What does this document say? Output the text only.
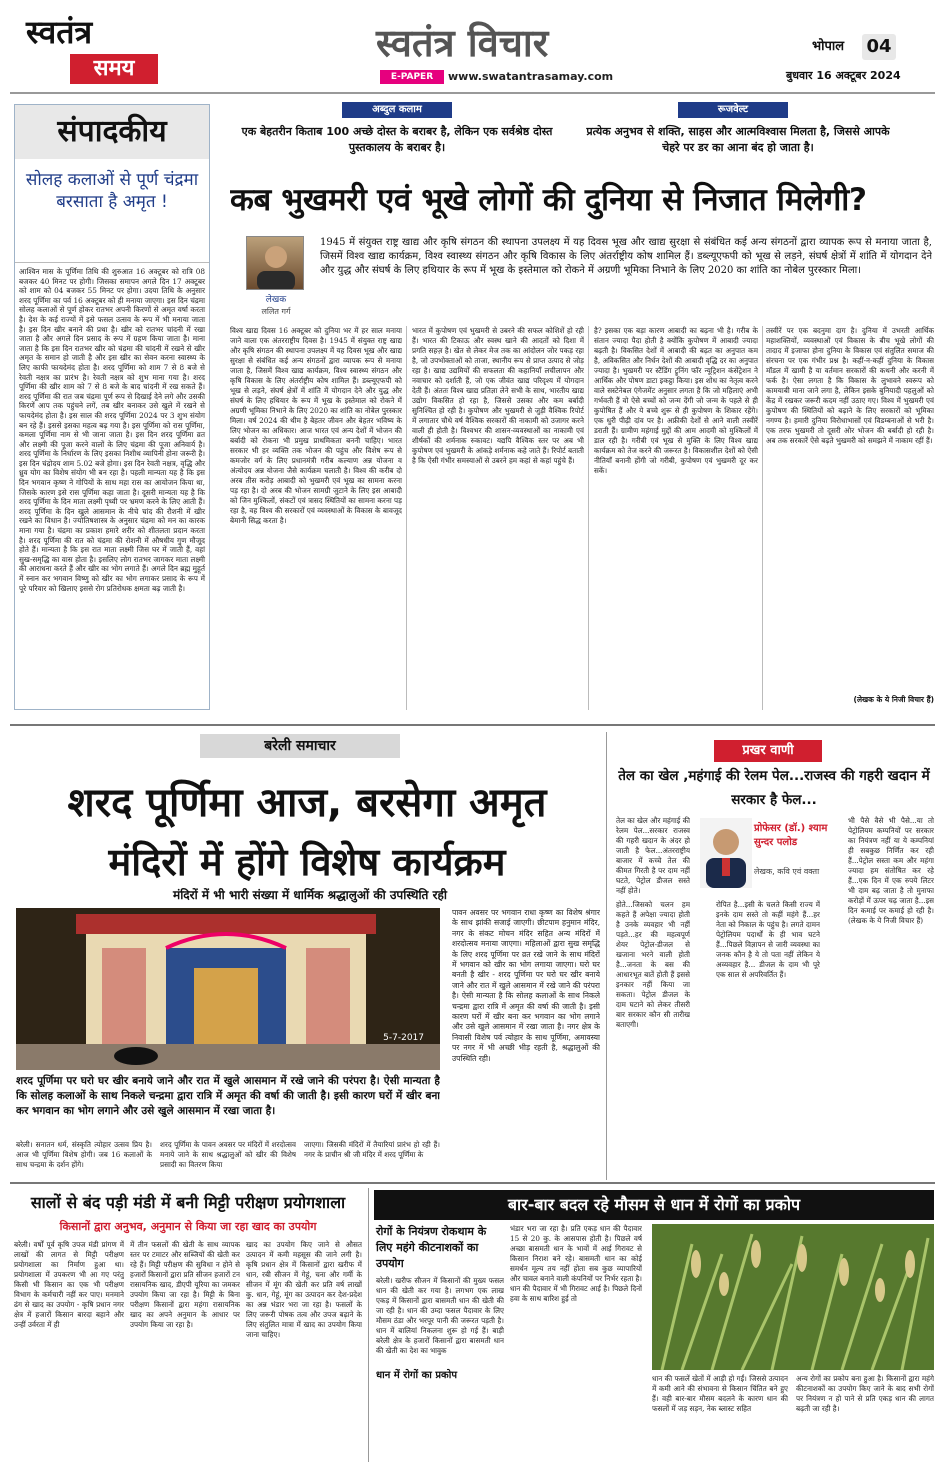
स्वतंत्र
समय
स्वतंत्र विचार
E-PAPER	www.swatantrasamay.com
भोपाल 04
बुधवार 16 अक्टूबर 2024
संपादकीय
सोलह कलाओं से पूर्ण चंद्रमा बरसाता है अमृत !
आश्विन मास के पूर्णिमा तिथि की शुरुआत 16 अक्टूबर को रात्रि 08 बजकर 40 मिनट पर होगी। जिसका समापन अगले दिन 17 अक्टूबर को शाम को 04 बजकर 55 मिनट पर होगा। उदया तिथि के अनुसार शरद पूर्णिमा का पर्व 16 अक्टूबर को ही मनाया जाएगा। इस दिन चंद्रमा सोलह कलाओं से पूर्ण होकर रातभर अपनी किरणों से अमृत वर्षा करता है। देश के कई राज्यों में इसे फसल उत्सव के रूप में भी मनाया जाता है। इस दिन खीर बनाने की प्रथा है। खीर को रातभर चांदनी में रखा जाता है और अगले दिन प्रसाद के रूप में ग्रहण किया जाता है। माना जाता है कि इस दिन रातभर खीर को चंद्रमा की चांदनी में रखने से खीर अमृत के समान हो जाती है और इस खीर का सेवन करना स्वास्थ्य के लिए काफी फायदेमंद होता है। शरद पूर्णिमा को शाम 7 से 8 बजे से रेवती नक्षत्र का प्रारंभ है। रेवती नक्षत्र को शुभ माना गया है। शरद पूर्णिमा की खीर शाम को 7 से 8 बजे के बाद चांदनी में रख सकते हैं। शरद पूर्णिमा की रात जब चंद्रमा पूर्ण रूप से दिखाई देने लगे और उसकी किरणें आप तक पहुंचने लगें, तब खीर बनाकर उसे खुले में रखने से फायदेमंद होता है। इस साल की शरद पूर्णिमा 2024 पर 3 शुभ संयोग बन रहे हैं। इससे इसका महत्व बढ़ गया है। इस पूर्णिमा को रास पूर्णिमा, कमला पूर्णिमा नाम से भी जाना जाता है। इस दिन शरद पूर्णिमा व्रत और लक्ष्मी की पूजा करने वालों के लिए चंद्रमा की पूजा अनिवार्य है। शरद पूर्णिमा के निर्धारण के लिए इसका निशीथ व्यापिनी होना जरूरी है। इस दिन चंद्रोदय शाम 5.02 बजे होगा। इस दिन रेवती नक्षत्र, वृद्धि और ध्रुव योग का विशेष संयोग भी बन रहा है। पहली मान्यता यह है कि इस दिन भगवान कृष्ण ने गोपियों के साथ महा रास का आयोजन किया था, जिसके कारण इसे रास पूर्णिमा कहा जाता है। दूसरी मान्यता यह है कि शरद पूर्णिमा के दिन माता लक्ष्मी पृथ्वी पर भ्रमण करने के लिए आती हैं। शरद पूर्णिमा के दिन खुले आसमान के नीचे चांद की रौशनी में खीर रखने का विधान है। ज्योतिषशास्त्र के अनुसार चंद्रमा को मन का कारक माना गया है। चंद्रमा का प्रकाश हमारे शरीर को शीतलता प्रदान करता है। शरद पूर्णिमा की रात को चंद्रमा की रोशनी में औषधीय गुण मौजूद होते हैं। मान्यता है कि इस रात माता लक्ष्मी जिस घर में जाती हैं, वहां सुख-समृद्धि का वास होता है। इसलिए लोग रातभर जागकर माता लक्ष्मी की आराधना करते हैं और खीर का भोग लगाते हैं। अगले दिन ब्रह्म मुहूर्त में स्नान कर भगवान विष्णु को खीर का भोग लगाकर प्रसाद के रूप में पूरे परिवार को खिलाए इससे रोग प्रतिरोधक क्षमता बढ़ जाती है।
अब्दुल कलाम
एक बेहतरीन किताब 100 अच्छे दोस्त के बराबर है, लेकिन एक सर्वश्रेष्ठ दोस्त पुस्तकालय के बराबर है।
रूजवेल्ट
प्रत्येक अनुभव से शक्ति, साहस और आत्मविश्वास मिलता है, जिससे आपके चेहरे पर डर का आना बंद हो जाता है।
कब भुखमरी एवं भूखे लोगों की दुनिया से निजात मिलेगी?
लेखक
ललित गर्ग
1945 में संयुक्त राष्ट्र खाद्य और कृषि संगठन की स्थापना उपलक्ष्य में यह दिवस भूख और खाद्य सुरक्षा से संबंधित कई अन्य संगठनों द्वारा व्यापक रूप से मनाया जाता है, जिसमें विश्व खाद्य कार्यक्रम, विश्व स्वास्थ्य संगठन और कृषि विकास के लिए अंतर्राष्ट्रीय कोष शामिल हैं। डब्ल्यूएफपी को भूख से लड़ने, संघर्ष क्षेत्रों में शांति में योगदान देने और युद्ध और संघर्ष के लिए हथियार के रूप में भूख के इस्तेमाल को रोकने में अग्रणी भूमिका निभाने के लिए 2020 का शांति का नोबेल पुरस्कार मिला।
विश्व खाद्य दिवस 16 अक्टूबर को दुनिया भर में हर साल मनाया जाने वाला एक अंतरराष्ट्रीय दिवस है। 1945 में संयुक्त राष्ट्र खाद्य और कृषि संगठन की स्थापना उपलक्ष्य में यह दिवस भूख और खाद्य सुरक्षा से संबंधित कई अन्य संगठनों द्वारा व्यापक रूप से मनाया जाता है, जिसमें विश्व खाद्य कार्यक्रम, विश्व स्वास्थ्य संगठन और कृषि विकास के लिए अंतर्राष्ट्रीय कोष शामिल हैं। डब्ल्यूएफपी को भूख से लड़ने, संघर्ष क्षेत्रों में शांति में योगदान देने और युद्ध और संघर्ष के लिए हथियार के रूप में भूख के इस्तेमाल को रोकने में अग्रणी भूमिका निभाने के लिए 2020 का शांति का नोबेल पुरस्कार मिला। वर्ष 2024 की थीम है बेहतर जीवन और बेहतर भविष्य के लिए भोजन का अधिकार। आज भारत एवं अन्य देशों में भोजन की बर्बादी को रोकना भी प्रमुख प्राथमिकता बननी चाहिए। भारत सरकार भी हर व्यक्ति तक भोजन की पहुंच और विशेष रूप से कमजोर वर्ग के लिए प्रधानमंत्री गरीब कल्याण अन्न योजना व अंत्योदय अन्न योजना जैसे कार्यक्रम चलाती है। विश्व की करीब दो अरब तीस करोड़ आबादी को भुखमरी एवं भूख का सामना करना पड़ रहा है। दो अरब की भोजन सामग्री जुटाने के लिए इस आबादी को जिन मुश्किलों, संकटों एवं त्रासद स्थितियों का सामना करना पड़ रहा है, वह विश्व की सरकारों एवं व्यवस्थाओं के विकास के बावजूद बेमानी सिद्ध करता है।
भारत में कुपोषण एवं भुखमरी से उबरने की सफल कोशिशें हो रही हैं। भारत की टिकाऊ और स्वस्थ खाने की आदतों को दिशा में प्रगति सहज़ है। खेत से लेकर मेज तक का आंदोलन जोर पकड़ रहा है, जो उपभोक्ताओं को ताजा, स्थानीय रूप से प्राप्त उत्पाद से जोड़ रहा है। खाद्य उद्यमियों की सफलता की कहानियाँ लचीलापन और नवाचार को दर्शाती हैं, जो एक जीवंत खाद्य परिदृश्य में योगदान देती हैं। अंततः विश्व खाद्य प्रतिज्ञा लेने सभी के साथ, भारतीय खाद्य उद्योग विकसित हो रहा है, जिससे उसका और कम बर्बादी सुनिश्चित हो रही है। कुपोषण और भुखमरी से जुड़ी वैश्विक रिपोर्ट में लगातार चौथे वर्ष वैश्विक सरकारों की नाकामी को उजागर करने वाली ही होती है। विश्वभर की शासन-व्यवस्थाओं का नाकामी एवं शीर्षकों की शर्मनाक रुकावट। यद्यपि वैश्विक स्तर पर अब भी कुपोषण एवं भुखमरी के आंकड़े शर्मनाक कहे जाते हैं। रिपोर्ट बताती है कि ऐसी गंभीर समस्याओं से उबरने हम कहां से कहां पहुंचे हैं।
है? इसका एक बड़ा कारण आबादी का बढ़ना भी है। गरीब के संतान ज्यादा पैदा होती है क्योंकि कुपोषण में आबादी ज्यादा बढ़ती है। विकसित देशों में आबादी की बढ़त का अनुपात कम है, अविकसित और निर्धन देशों की आबादी वृद्धि दर का अनुपात ज्यादा है। भुखमरी पर स्टैंडिंग ट्रूनिंग फॉर न्यूट्रिशन कंसेंट्रेशन ने आर्थिक और पोषण डाटा इकट्ठा किया। इस शोध का नेतृत्व करने वाले सस्टेनेबल एंगेजमेंट अनुसार लगता है कि जो महिलाएं अभी गर्भवती हैं वो ऐसे बच्चों को जन्म देंगी जो जन्म के पहले से ही कुपोषित हैं और ये बच्चे शुरू से ही कुपोषण के शिकार रहेंगे। एक धुरी पीढ़ी दांव पर है। अफ्रीकी देशों से आने वाली तस्वीरें डराती हैं। ग्रामीण महंगाई मुद्दों की आम आदमी को मुश्किलों में डाल रही है। गरीबी एवं भूख से मुक्ति के लिए विश्व खाद्य कार्यक्रम को तेज करने की जरूरत है। विकासशील देशों को ऐसी नीतियाँ बनानी होंगी जो गरीबी, कुपोषण एवं भुखमरी दूर कर सकें।
तस्वीरें पर एक बदनुमा दाग है। दुनिया में उभरती आर्थिक महाशक्तियों, व्यवस्थाओं एवं विकास के बीच भूखे लोगों की तादाद में इजाफा होना दुनिया के विकास एवं संतुलित समाज की संरचना पर एक गंभीर प्रश्न है। कहीं-न-कहीं दुनिया के विकास मॉडल में खामी है या वर्तमान सरकारों की कथनी और करनी में फर्क है। ऐसा लगता है कि विकास के लुभावने स्वरूप को कामयाबी माना जाने लगा है, लेकिन इसके बुनियादी पहलुओं को केंद्र में रखकर जरूरी कदम नहीं उठाए गए। विश्व में भुखमरी एवं कुपोषण की स्थितियों को बढ़ाने के लिए सरकारों को भूमिका नगण्य है। हमारी दुनिया विरोधाभासों एवं विडम्बनाओं से भरी है। एक तरफ भुखमरी तो दूसरी ओर भोजन की बर्बादी हो रही है। अब तक सरकारें ऐसे बढ़ते भुखमरी को समझने में नाकाम रहीं हैं।
(लेखक के ये निजी विचार हैं)
बरेली समाचार
शरद पूर्णिमा आज, बरसेगा अमृत
मंदिरों में होंगे विशेष कार्यक्रम
मंदिरों में भी भारी संख्या में धार्मिक श्रद्धालुओं की उपस्थिति रही
5-7-2017
शरद पूर्णिमा पर घरो घर खीर बनाये जाने और रात में खुले आसमान में रखे जाने की परंपरा है। ऐसी मान्यता है कि सोलह कलाओं के साथ निकले चन्द्रमा द्वारा रात्रि में अमृत की वर्षा की जाती है। इसी कारण घरों में खीर बना कर भगवान का भोग लगाने और उसे खुले आसमान में रखा जाता है।
पावन अवसर पर भगवान राधा कृष्ण का विशेष श्रंगार के साथ झांकी सजाई जाएगी। छीटपाम हनुमान मंदिर, नगर के संकट मोचन मंदिर सहित अन्य मंदिरों में शरदोत्सव मनाया जाएगा। महिलाओं द्वारा सुख समृद्धि के लिए शरद पूर्णिमा पर व्रत रखे जाने के साथ मंदिरों में भगवान को खीर का भोग लगाया जाएगा। घरो घर बनती है खीर - शरद पूर्णिमा पर घरो घर खीर बनाये जाने और रात में खुले आसमान में रखे जाने की परंपरा है। ऐसी मान्यता है कि सोलह कलाओं के साथ निकले चन्द्रमा द्वारा रात्रि में अमृत की वर्षा की जाती है। इसी कारण घरों में खीर बना कर भगवान का भोग लगाने और उसे खुले आसमान में रखा जाता है। नगर क्षेत्र के निवासी विशेष पर्व त्योहार के साथ पूर्णिमा, अमावस्या पर नगर में भी अच्छी भीड़ रहती है, श्रद्धालुओं की उपस्थिति रही।
बरेली। सनातन धर्म, संस्कृति त्योहार उत्सव प्रिय है। आज भी पूर्णिमा विशेष होगी। जब 16 कलाओं के साथ चन्द्रमा के दर्शन होंगे।
शरद पूर्णिमा के पावन अवसर पर मंदिरों में शरदोत्सव मनाये जाने के साथ श्रद्धालुओं को खीर की विशेष प्रसादी का वितरण किया
जाएगा। जिसकी मंदिरों में तैयारियां प्रारंभ हो रही हैं। नगर के प्राचीन श्री जी मंदिर में शरद पूर्णिमा के
प्रखर वाणी
तेल का खेल ,महंगाई की रेलम पेल...राजस्व की गहरी खदान में सरकार है फेल...
तेल का खेल और महंगाई की रेलम पेल...सरकार राजस्व की गहरी खदान के अंदर हो जाती है फेल...अंतरराष्ट्रीय बाजार में कच्चे तेल की कीमत गिरती है पर दाम नहीं घटते, पेट्रोल डीजल सस्ते नहीं होते।
प्रोफेसर (डॉ.) श्याम सुन्दर पलोड
लेखक, कवि एवं वक्ता
होते...जिसको चलन हम कहते हैं अपेक्षा ज्यादा होती है उनके व्यवहार भी नहीं पड़ते...हर की महत्वपूर्ण शेयर पेट्रोल-डीजल से खजाना भरने वाली होती है...जनता के बस की आधारभूत बातें होती हैं इससे इनकार नहीं किया जा सकता। पेट्रोल डीजल के दाम घटाने को लेकर तीसरी बार सरकार कौन सी तारीख बताएगी।
रोपित है...इसी के चलते किसी राज्य में इनके दाम सस्ते तो कहीं महंगे हैं...हर नेता को निकाल के पहुंच है। लगते दामन पेट्रोलियम पदार्थों के ही भाव घटने हैं...पिछले विज्ञापन से जारी व्यवस्था का जनक कौन है ये तो पता नहीं लेकिन ये अव्यवहार है... डीजल के दाम भी पूरे एक साल से अपरिवर्तित हैं।
भी पैसे वैसे भी पैसे...या तो पेट्रोलियम कम्पनियों पर सरकार का नियंत्रण नहीं या ये कम्पनियां ही सबकुछ निर्णित कर रही हैं...पेट्रोल सस्ता कम और महंगा ज्यादा हम संतोषित कर रहे हैं...एक दिन में एक रुपये लिटर भी दाम बढ़ जाता है तो मुनाफा करोड़ों में ऊपर चढ़ जाता है...इस दिन कमाई पर कमाई हो रही है। (लेखक के ये निजी विचार हैं)
सालों से बंद पड़ी मंडी में बनी मिट्टी परीक्षण प्रयोगशाला
किसानों द्वारा अनुभव, अनुमान से किया जा रहा खाद का उपयोग
बरेली। वर्षों पूर्व कृषि उपज मंडी प्रांगण में लाखों की लागत से मिट्टी परीक्षण प्रयोगशाला का निर्माण हुआ था। प्रयोगशाला में उपकरण भी आ गए परंतु किसी भी किसान का एक भी परीक्षण विभाग के कर्मचारी नहीं कर पाए। मनमाने ढंग से खाद का उपयोग - कृषि प्रधान नगर क्षेत्र में हजारों किसान बारदा बहाने और उन्हीं उर्वरता में ही
में तीन फसलों की खेती के साथ व्यापक स्तर पर टमाटर और सब्जियों की खेती कर रहे हैं। मिट्टी परीक्षण की सुविधा न होने से हजारों किसानों द्वारा प्रति सीजन हजारों टन रासायनिक खाद, डीएपी यूरिया का जमकर उपयोग किया जा रहा है। मिट्टी के बिना परीक्षण किसानों द्वारा महंगा रासायनिक खाद का अपने अनुमान के आधार पर उपयोग किया जा रहा है।
खाद का उपयोग किए जाने से औसत उत्पादन में कमी महसूस की जाने लगी है। कृषि प्रधान क्षेत्र में किसानों द्वारा खरीफ में धान, रबी सीजन में गेहूं, चना और गर्मी के सीजन में मूंग की खेती कर प्रति वर्ष लाखों कु. धान, गेहूं, मूंग का उत्पादन कर देश-प्रदेश का अन्न भंडार भरा जा रहा है। फसलों के लिए जरूरी पोषक तत्व और उपज बढ़ाने के लिए संतुलित मात्रा में खाद का उपयोग किया जाना चाहिए।
बार-बार बदल रहे मौसम से धान में रोगों का प्रकोप
रोगों के नियंत्रण रोकथाम के लिए महंगे कीटनाशकों का उपयोग
बरेली। खरीफ सीजन में किसानों की मुख्य फसल धान की खेती कर गया है। लगभग एक लाख एकड़ में किसानों द्वारा बासमती धान की खेती की जा रही है। धान की उम्दा फसल पैदावार के लिए मौसम ठंडा और भरपूर पानी की जरूरत पड़ती है। धान में बालियां निकलना शुरू हो गई हैं। बाड़ी बरेली क्षेत्र के हजारों किसानों द्वारा बासमती धान की खेती का देश का भावुक
धान में रोगों का प्रकोप
भंडार भरा जा रहा है। प्रति एकड़ धान की पैदावार 15 से 20 कु. के आसपास होती है। पिछले वर्ष अच्छा बासमती धान के भावों में आई गिरावट से किसान निराश बने रहे। बासमती धान का कोई समर्थन मूल्य तय नहीं होता सब कुछ व्यापारियों और चावल बनाने वाली कंपनियों पर निर्भर रहता है। धान की पैदावार में भी गिरावट आई है। पिछले दिनों हवा के साथ बारिश हुई तो
धान की फसलें खेतों में आड़ी हो गईं। जिससे उत्पादन में कमी आने की संभावना से किसान चिंतित बने हुए हैं। वही बार-बार मौसम बदलने के कारण धान की फसलों में जड़ सड़न, नेक ब्लास्ट सहित
अन्य रोगों का प्रकोप बना हुआ है। किसानों द्वारा महंगे कीटनाशकों का उपयोग किए जाने के बाद सभी रोगों पर नियंत्रण न हो पाने से प्रति एकड़ धान की लागत बढ़ती जा रही है।
